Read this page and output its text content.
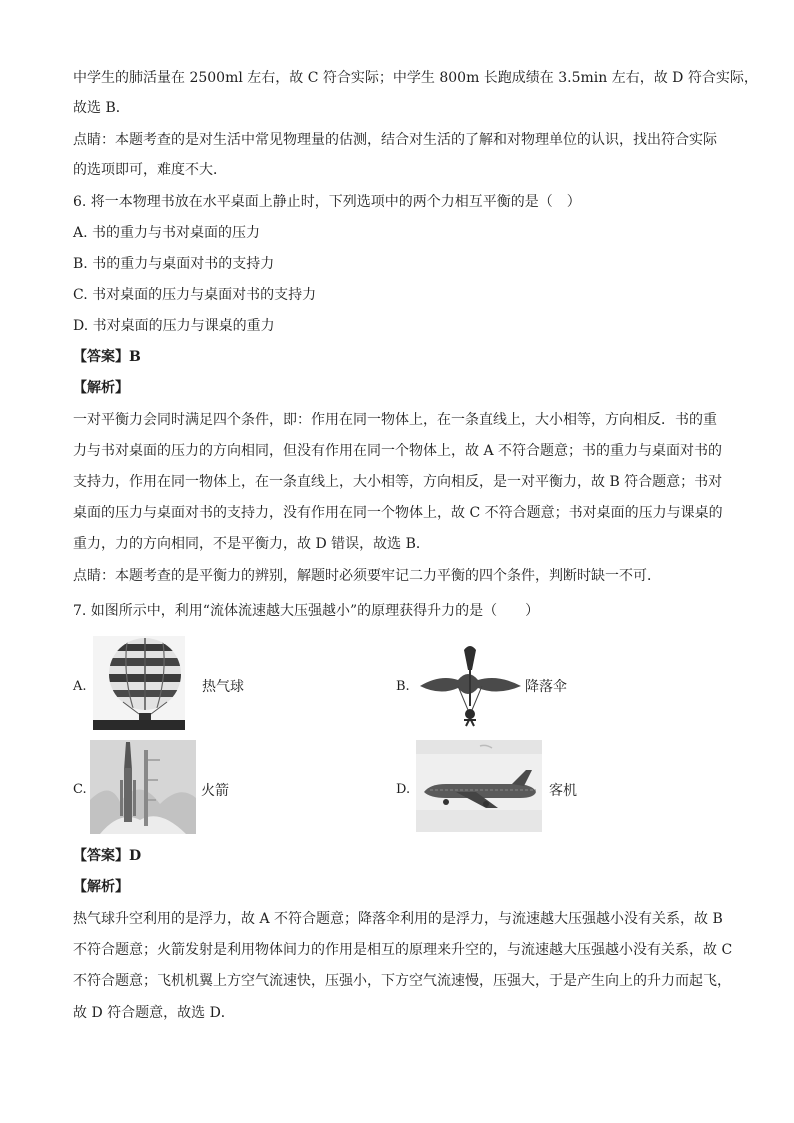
中学生的肺活量在 2500ml 左右，故 C 符合实际；中学生 800m 长跑成绩在 3.5min 左右，故 D 符合实际，
故选 B．
点睛：本题考查的是对生活中常见物理量的估测，结合对生活的了解和对物理单位的认识，找出符合实际
的选项即可，难度不大．
6. 将一本物理书放在水平桌面上静止时，下列选项中的两个力相互平衡的是（　）
A. 书的重力与书对桌面的压力
B. 书的重力与桌面对书的支持力
C. 书对桌面的压力与桌面对书的支持力
D. 书对桌面的压力与课桌的重力
【答案】B
【解析】
一对平衡力会同时满足四个条件，即：作用在同一物体上，在一条直线上，大小相等，方向相反．书的重
力与书对桌面的压力的方向相同，但没有作用在同一个物体上，故 A 不符合题意；书的重力与桌面对书的
支持力，作用在同一物体上，在一条直线上，大小相等，方向相反，是一对平衡力，故 B 符合题意；书对
桌面的压力与桌面对书的支持力，没有作用在同一个物体上，故 C 不符合题意；书对桌面的压力与课桌的
重力，力的方向相同，不是平衡力，故 D 错误，故选 B．
点睛：本题考查的是平衡力的辨别，解题时必须要牢记二力平衡的四个条件，判断时缺一不可．
7. 如图所示中，利用“流体流速越大压强越小”的原理获得升力的是（　　）
A.	热气球	B.	降落伞
C.	火箭	D.	客机
【答案】D
【解析】
热气球升空利用的是浮力，故 A 不符合题意；降落伞利用的是浮力，与流速越大压强越小没有关系，故 B
不符合题意；火箭发射是利用物体间力的作用是相互的原理来升空的，与流速越大压强越小没有关系，故 C
不符合题意；飞机机翼上方空气流速快，压强小，下方空气流速慢，压强大，于是产生向上的升力而起飞，
故 D 符合题意，故选 D．
